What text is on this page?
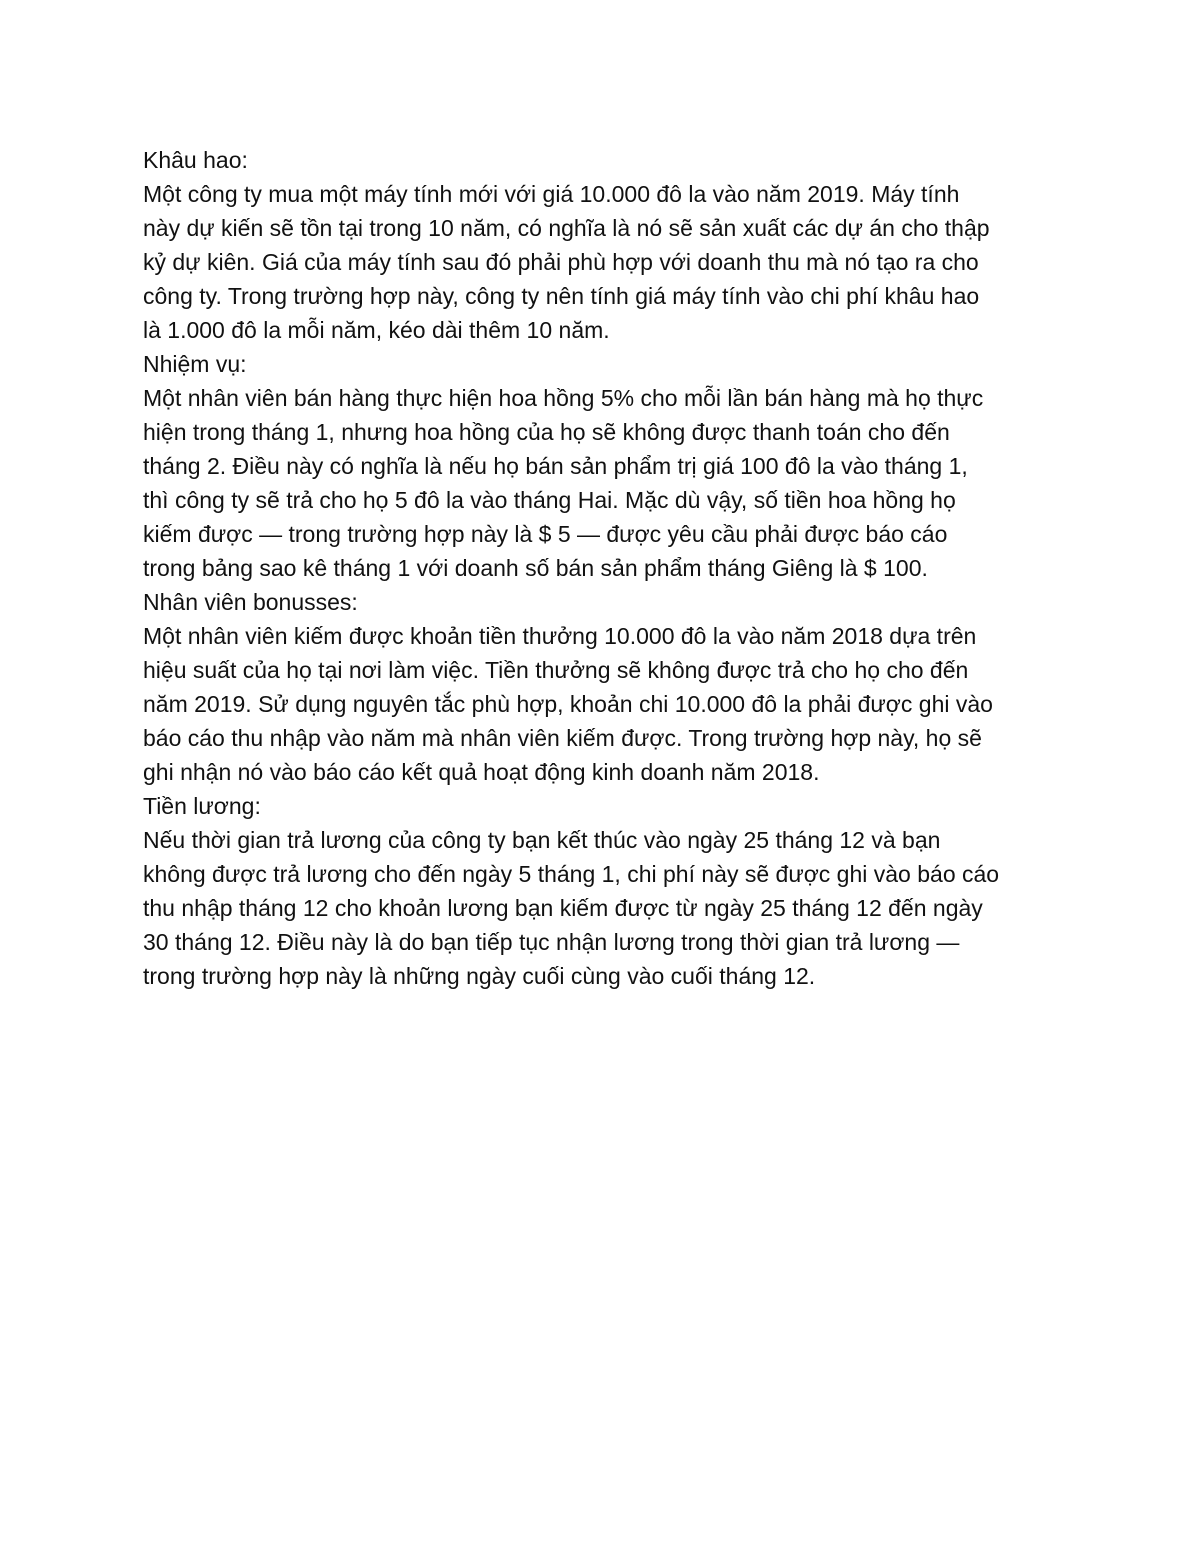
Khâu hao:
Một công ty mua một máy tính mới với giá 10.000 đô la vào năm 2019. Máy tính
này dự kiến sẽ tồn tại trong 10 năm, có nghĩa là nó sẽ sản xuất các dự án cho thập
kỷ dự kiên. Giá của máy tính sau đó phải phù hợp với doanh thu mà nó tạo ra cho
công ty. Trong trường hợp này, công ty nên tính giá máy tính vào chi phí khâu hao
là 1.000 đô la mỗi năm, kéo dài thêm 10 năm.
Nhiệm vụ:
Một nhân viên bán hàng thực hiện hoa hồng 5% cho mỗi lần bán hàng mà họ thực
hiện trong tháng 1, nhưng hoa hồng của họ sẽ không được thanh toán cho đến
tháng 2. Điều này có nghĩa là nếu họ bán sản phẩm trị giá 100 đô la vào tháng 1,
thì công ty sẽ trả cho họ 5 đô la vào tháng Hai. Mặc dù vậy, số tiền hoa hồng họ
kiếm được — trong trường hợp này là $ 5 — được yêu cầu phải được báo cáo
trong bảng sao kê tháng 1 với doanh số bán sản phẩm tháng Giêng là $ 100.
Nhân viên bonusses:
Một nhân viên kiếm được khoản tiền thưởng 10.000 đô la vào năm 2018 dựa trên
hiệu suất của họ tại nơi làm việc. Tiền thưởng sẽ không được trả cho họ cho đến
năm 2019. Sử dụng nguyên tắc phù hợp, khoản chi 10.000 đô la phải được ghi vào
báo cáo thu nhập vào năm mà nhân viên kiếm được. Trong trường hợp này, họ sẽ
ghi nhận nó vào báo cáo kết quả hoạt động kinh doanh năm 2018.
Tiền lương:
Nếu thời gian trả lương của công ty bạn kết thúc vào ngày 25 tháng 12 và bạn
không được trả lương cho đến ngày 5 tháng 1, chi phí này sẽ được ghi vào báo cáo
thu nhập tháng 12 cho khoản lương bạn kiếm được từ ngày 25 tháng 12 đến ngày
30 tháng 12. Điều này là do bạn tiếp tục nhận lương trong thời gian trả lương —
trong trường hợp này là những ngày cuối cùng vào cuối tháng 12.
